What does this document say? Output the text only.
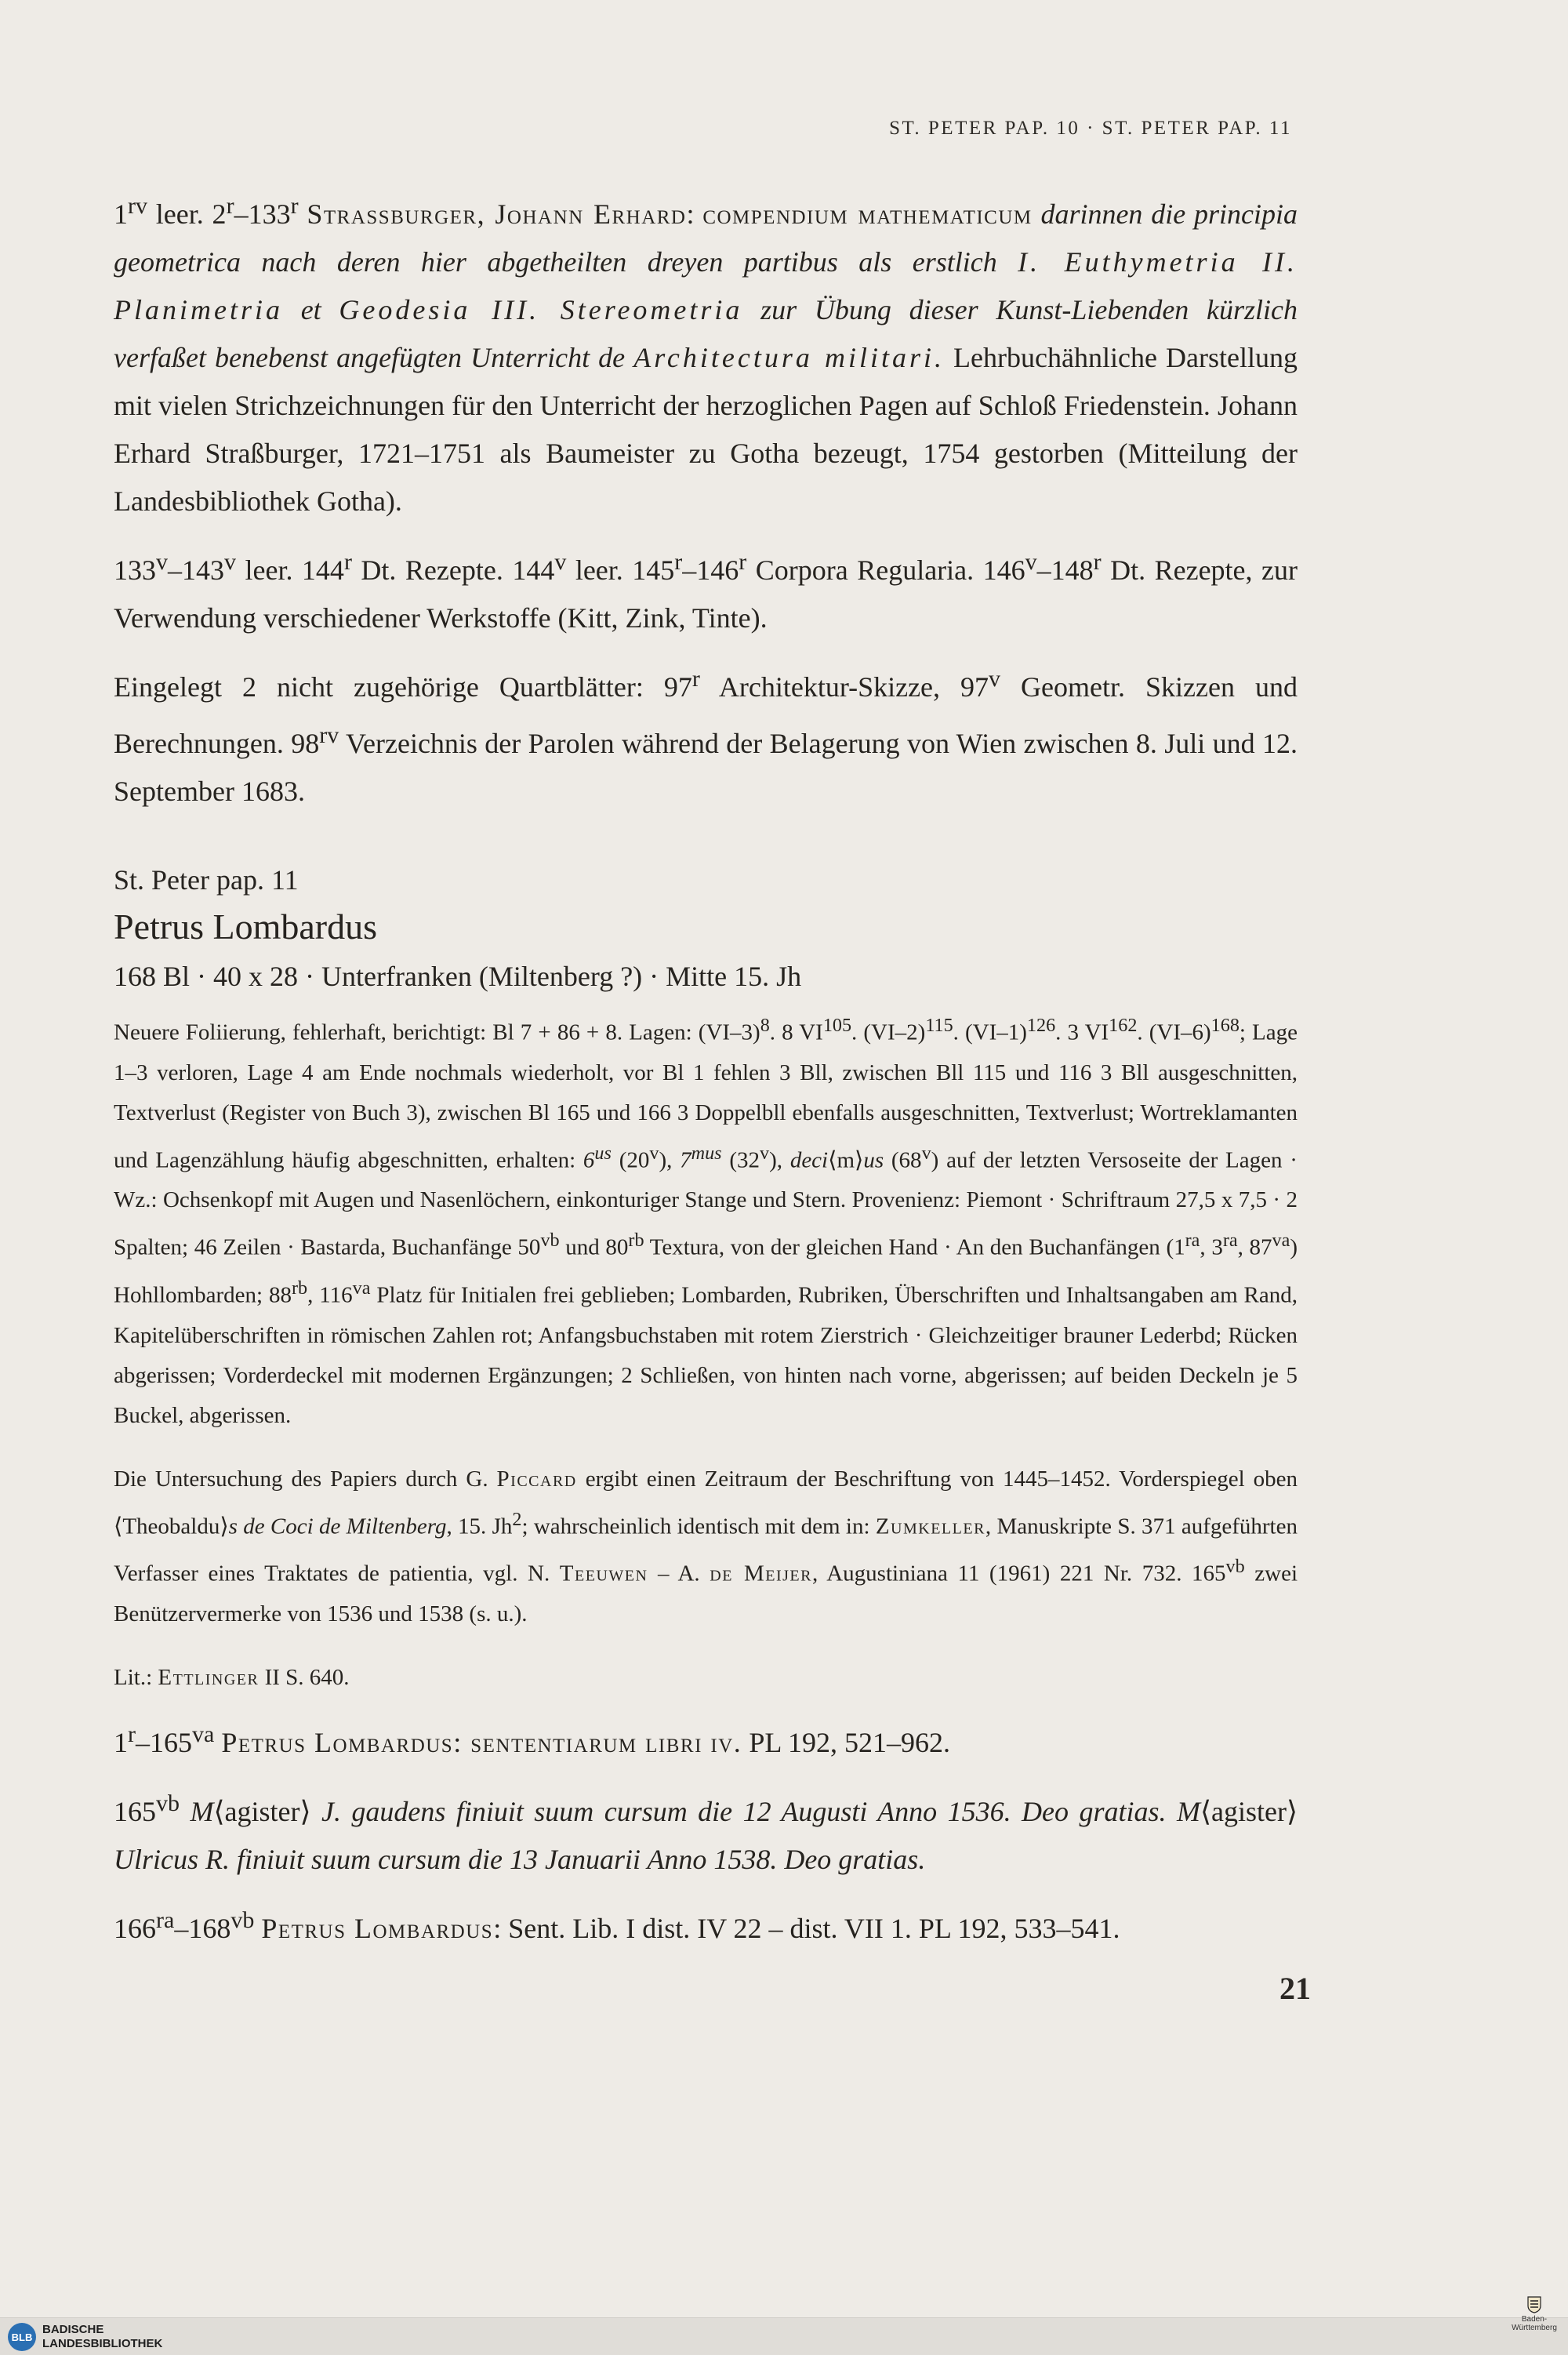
ST. PETER PAP. 10 · ST. PETER PAP. 11

$1^{rv}$ leer. 2$^r$–133$^r$ Strassburger, Johann Erhard: compendium mathematicum darinnen die principia geometrica nach deren hier abgetheilten dreyen partibus als erstlich I. Euthymetria II. Planimetria et Geodesia III. Stereometria zur Übung dieser Kunst-Liebenden kürzlich verfaßet benebenst angefügten Unterricht de Architectura militari. Lehrbuchähnliche Darstellung mit vielen Strichzeichnungen für den Unterricht der herzoglichen Pagen auf Schloß Friedenstein. Johann Erhard Straßburger, 1721–1751 als Baumeister zu Gotha bezeugt, 1754 gestorben (Mitteilung der Landesbibliothek Gotha).

133$^v$–143$^v$ leer. 144$^r$ Dt. Rezepte. 144$^v$ leer. 145$^r$–146$^r$ Corpora Regularia. 146$^v$–148$^r$ Dt. Rezepte, zur Verwendung verschiedener Werkstoffe (Kitt, Zink, Tinte).

Eingelegt 2 nicht zugehörige Quartblätter: 97$^r$ Architektur-Skizze, 97$^v$ Geometr. Skizzen und Berechnungen. $98^{rv}$ Verzeichnis der Parolen während der Belagerung von Wien zwischen 8. Juli und 12. September 1683.

St. Peter pap. 11
Petrus Lombardus
168 Bl · 40 x 28 · Unterfranken (Miltenberg ?) · Mitte 15. Jh

Neuere Foliierung, fehlerhaft, berichtigt: Bl 7 + 86 + 8. Lagen: $(VI-3)^8$. 8 VI$^{105}$. $(VI-2)^{115}$. $(VI-1)^{126}$. 3 VI$^{162}$. $(VI-6)^{168}$; Lage 1–3 verloren, Lage 4 am Ende nochmals wiederholt, vor Bl 1 fehlen 3 Bll, zwischen Bll 115 und 116 3 Bll ausgeschnitten, Textverlust (Register von Buch 3), zwischen Bl 165 und 166 3 Doppelbll ebenfalls ausgeschnitten, Textverlust; Wortreklamanten und Lagenzählung häufig abgeschnitten, erhalten: $6^{us}$ (20$^v$), $7^{mus}$ (32$^v$), deci⟨m⟩us (68$^v$) auf der letzten Versoseite der Lagen · Wz.: Ochsenkopf mit Augen und Nasenlöchern, einkonturiger Stange und Stern. Provenienz: Piemont · Schriftraum 27,5 x 7,5 · 2 Spalten; 46 Zeilen · Bastarda, Buchanfänge $50^{vb}$ und $80^{rb}$ Textura, von der gleichen Hand · An den Buchanfängen ($1^{ra}$, $3^{ra}$, $87^{va}$) Hohllombarden; $88^{rb}$, $116^{va}$ Platz für Initialen frei geblieben; Lombarden, Rubriken, Überschriften und Inhaltsangaben am Rand, Kapitelüberschriften in römischen Zahlen rot; Anfangsbuchstaben mit rotem Zierstrich · Gleichzeitiger brauner Lederbd; Rücken abgerissen; Vorderdeckel mit modernen Ergänzungen; 2 Schließen, von hinten nach vorne, abgerissen; auf beiden Deckeln je 5 Buckel, abgerissen.

Die Untersuchung des Papiers durch G. Piccard ergibt einen Zeitraum der Beschriftung von 1445–1452. Vorderspiegel oben ⟨Theobaldu⟩s de Coci de Miltenberg, 15. Jh$^2$; wahrscheinlich identisch mit dem in: Zumkeller, Manuskripte S. 371 aufgeführten Verfasser eines Traktates de patientia, vgl. N. Teeuwen – A. de Meijer, Augustiniana 11 (1961) 221 Nr. 732. $165^{vb}$ zwei Benützervermerke von 1536 und 1538 (s. u.).

Lit.: Ettlinger II S. 640.

$1^r-165^{va}$ Petrus Lombardus: sententiarum libri iv. PL 192, 521–962.

$165^{vb}$ M⟨agister⟩ J. gaudens finiuit suum cursum die 12 Augusti Anno 1536. Deo gratias. M⟨agister⟩ Ulricus R. finiuit suum cursum die 13 Januarii Anno 1538. Deo gratias.

$166^{ra}-168^{vb}$ Petrus Lombardus: Sent. Lib. I dist. IV 22 – dist. VII 1. PL 192, 533–541.

21
BLB
BADISCHE
LANDESBIBLIOTHEK
Baden-Württemberg
